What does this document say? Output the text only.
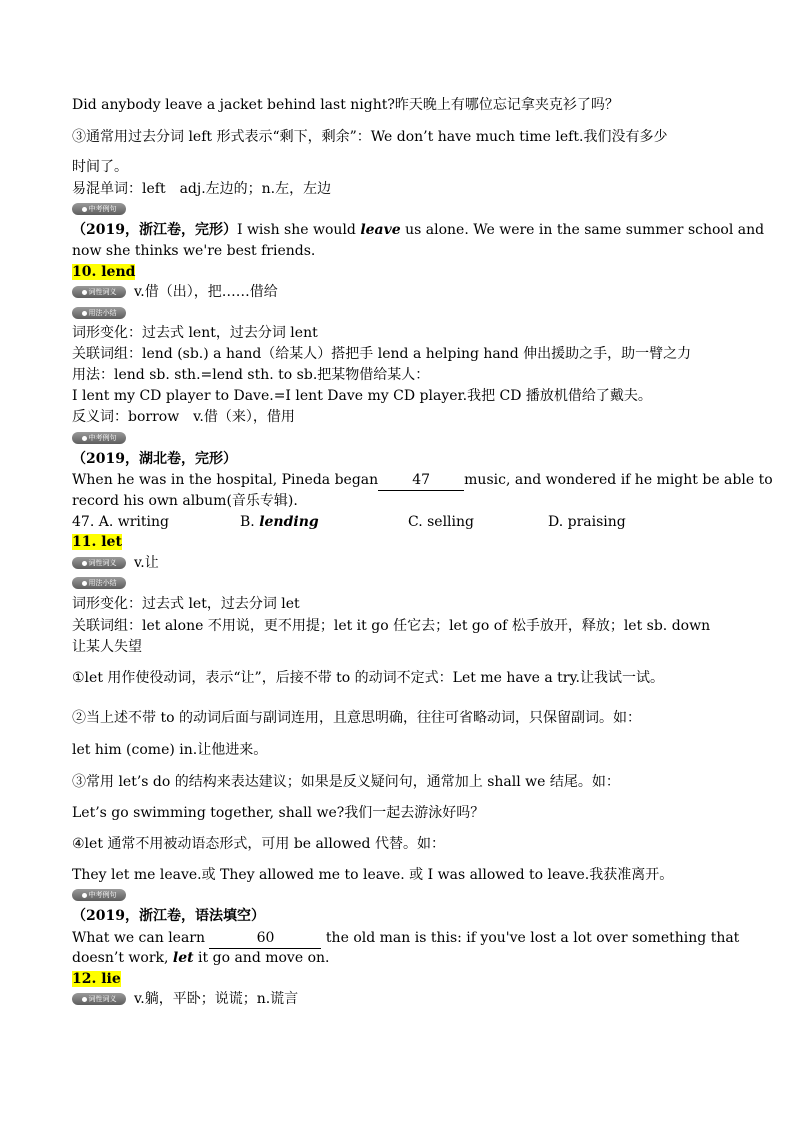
Did anybody leave a jacket behind last night?昨天晚上有哪位忘记拿夹克衫了吗？
③通常用过去分词 left 形式表示“剩下，剩余”：We don’t have much time left.我们没有多少
时间了。
易混单词：left　adj.左边的；n.左，左边
中考例句
（2019，浙江卷，完形）I wish she would leave us alone. We were in the same summer school and
now she thinks we're best friends.
10. lend
词性词义	v.借（出），把……借给
用法小结
词形变化：过去式 lent，过去分词 lent
关联词组：lend (sb.) a hand（给某人）搭把手 lend a helping hand 伸出援助之手，助一臂之力
用法：lend sb. sth.=lend sth. to sb.把某物借给某人：
I lent my CD player to Dave.=I lent Dave my CD player.我把 CD 播放机借给了戴夫。
反义词：borrow　v.借（来），借用
中考例句
（2019，湖北卷，完形）
When he was in the hospital, Pineda began 47 music, and wondered if he might be able to
record his own album(音乐专辑).
47. A. writing	B. lending	C. selling	D. praising
11. let
词性词义	v.让
用法小结
词形变化：过去式 let，过去分词 let
关联词组：let alone 不用说，更不用提；let it go 任它去；let go of 松手放开，释放；let sb. down
让某人失望
①let 用作使役动词，表示“让”，后接不带 to 的动词不定式：Let me have a try.让我试一试。
②当上述不带 to 的动词后面与副词连用，且意思明确，往往可省略动词，只保留副词。如：
let him (come) in.让他进来。
③常用 let’s do 的结构来表达建议；如果是反义疑问句，通常加上 shall we 结尾。如：
Let’s go swimming together, shall we?我们一起去游泳好吗？
④let 通常不用被动语态形式，可用 be allowed 代替。如：
They let me leave.或 They allowed me to leave. 或 I was allowed to leave.我获准离开。
中考例句
（2019，浙江卷，语法填空）
What we can learn	60	the old man is this: if you've lost a lot over something that
doesn’t work, let it go and move on.
12. lie
词性词义	v.躺，平卧；说谎；n.谎言
